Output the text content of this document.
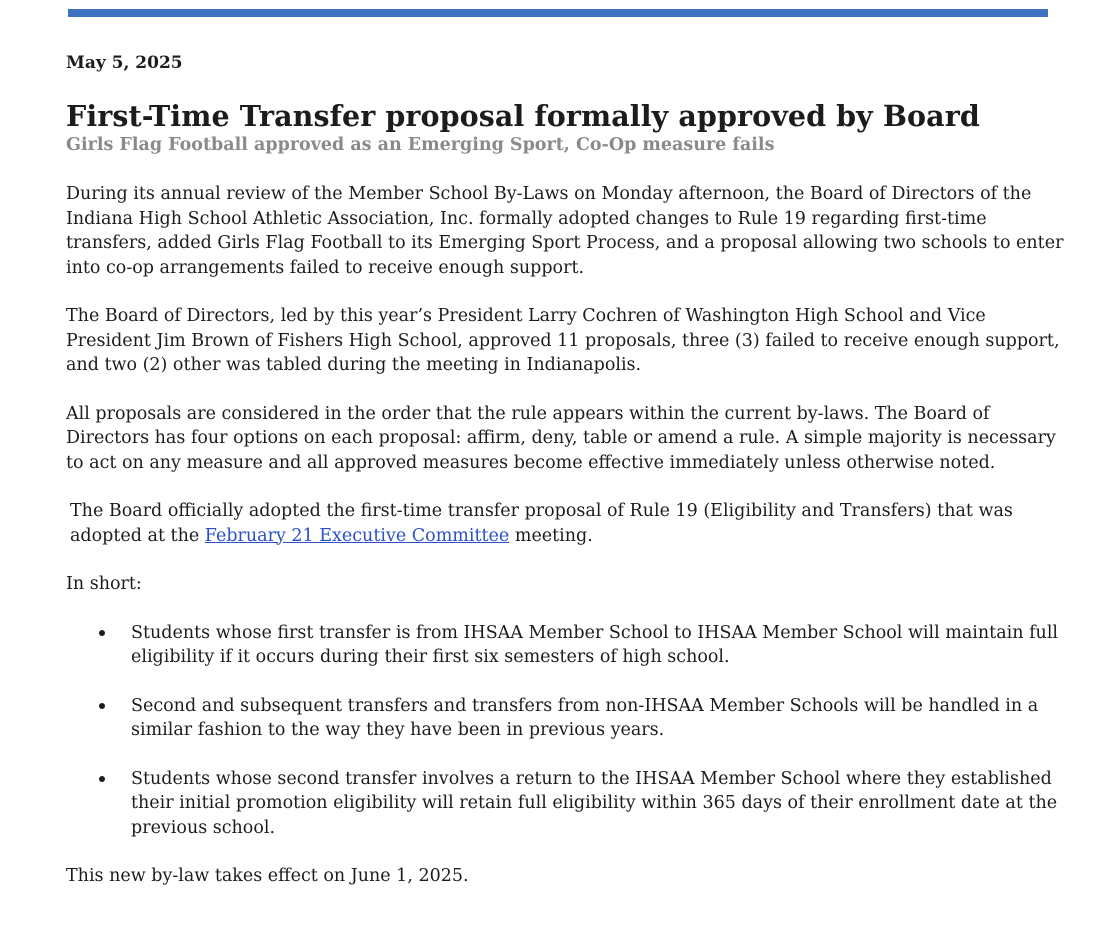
May 5, 2025

First-Time Transfer proposal formally approved by Board
Girls Flag Football approved as an Emerging Sport, Co-Op measure fails

During its annual review of the Member School By-Laws on Monday afternoon, the Board of Directors of the Indiana High School Athletic Association, Inc. formally adopted changes to Rule 19 regarding first-time transfers, added Girls Flag Football to its Emerging Sport Process, and a proposal allowing two schools to enter into co-op arrangements failed to receive enough support.

The Board of Directors, led by this year’s President Larry Cochren of Washington High School and Vice President Jim Brown of Fishers High School, approved 11 proposals, three (3) failed to receive enough support, and two (2) other was tabled during the meeting in Indianapolis.

All proposals are considered in the order that the rule appears within the current by-laws. The Board of Directors has four options on each proposal: affirm, deny, table or amend a rule. A simple majority is necessary to act on any measure and all approved measures become effective immediately unless otherwise noted.

The Board officially adopted the first-time transfer proposal of Rule 19 (Eligibility and Transfers) that was adopted at the February 21 Executive Committee meeting.

In short:

Students whose first transfer is from IHSAA Member School to IHSAA Member School will maintain full eligibility if it occurs during their first six semesters of high school.
Second and subsequent transfers and transfers from non-IHSAA Member Schools will be handled in a similar fashion to the way they have been in previous years.
Students whose second transfer involves a return to the IHSAA Member School where they established their initial promotion eligibility will retain full eligibility within 365 days of their enrollment date at the previous school.

This new by-law takes effect on June 1, 2025.
